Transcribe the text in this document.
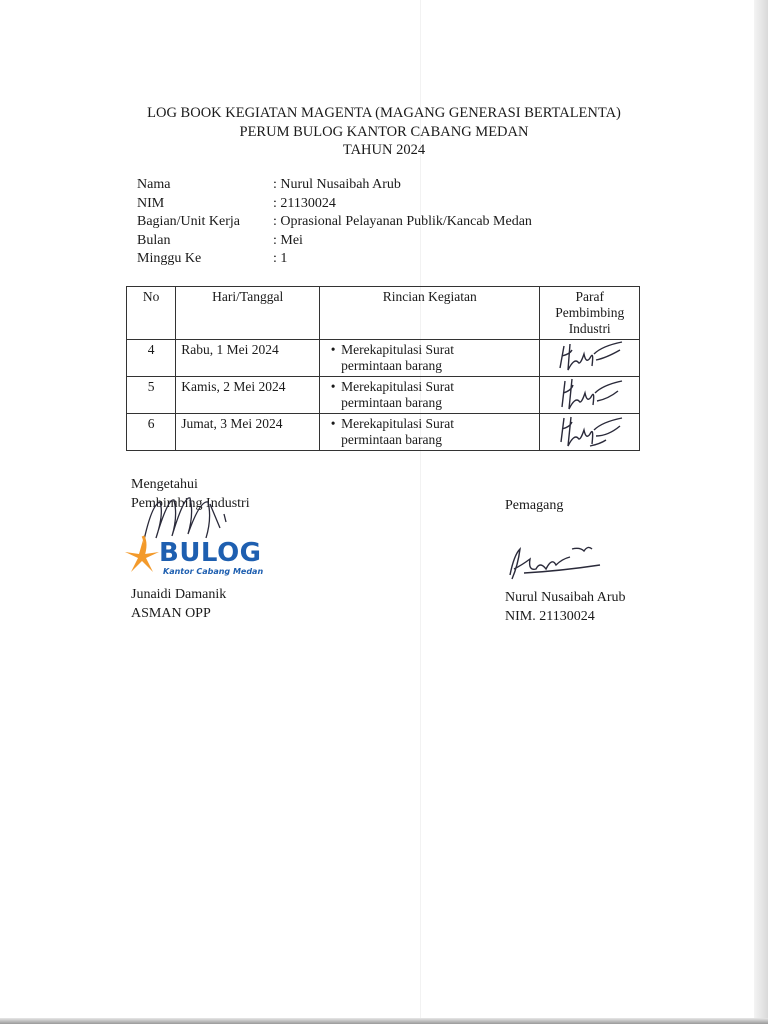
LOG BOOK KEGIATAN MAGENTA (MAGANG GENERASI BERTALENTA)
PERUM BULOG KANTOR CABANG MEDAN
TAHUN 2024
Nama	: Nurul Nusaibah Arub
NIM	: 21130024
Bagian/Unit Kerja	: Oprasional Pelayanan Publik/Kancab Medan
Bulan	: Mei
Minggu Ke	: 1
No	Hari/Tanggal	Rincian Kegiatan	Paraf Pembimbing Industri
4	Rabu, 1 Mei 2024	• Merekapitulasi Surat
permintaan barang

5	Kamis, 2 Mei 2024	• Merekapitulasi Surat
permintaan barang

6	Jumat, 3 Mei 2024	• Merekapitulasi Surat
permintaan barang

Mengetahui
Pembimbing Industri
BULOG
Kantor Cabang Medan
Junaidi Damanik
ASMAN OPP
Pemagang
Nurul Nusaibah Arub
NIM. 21130024
